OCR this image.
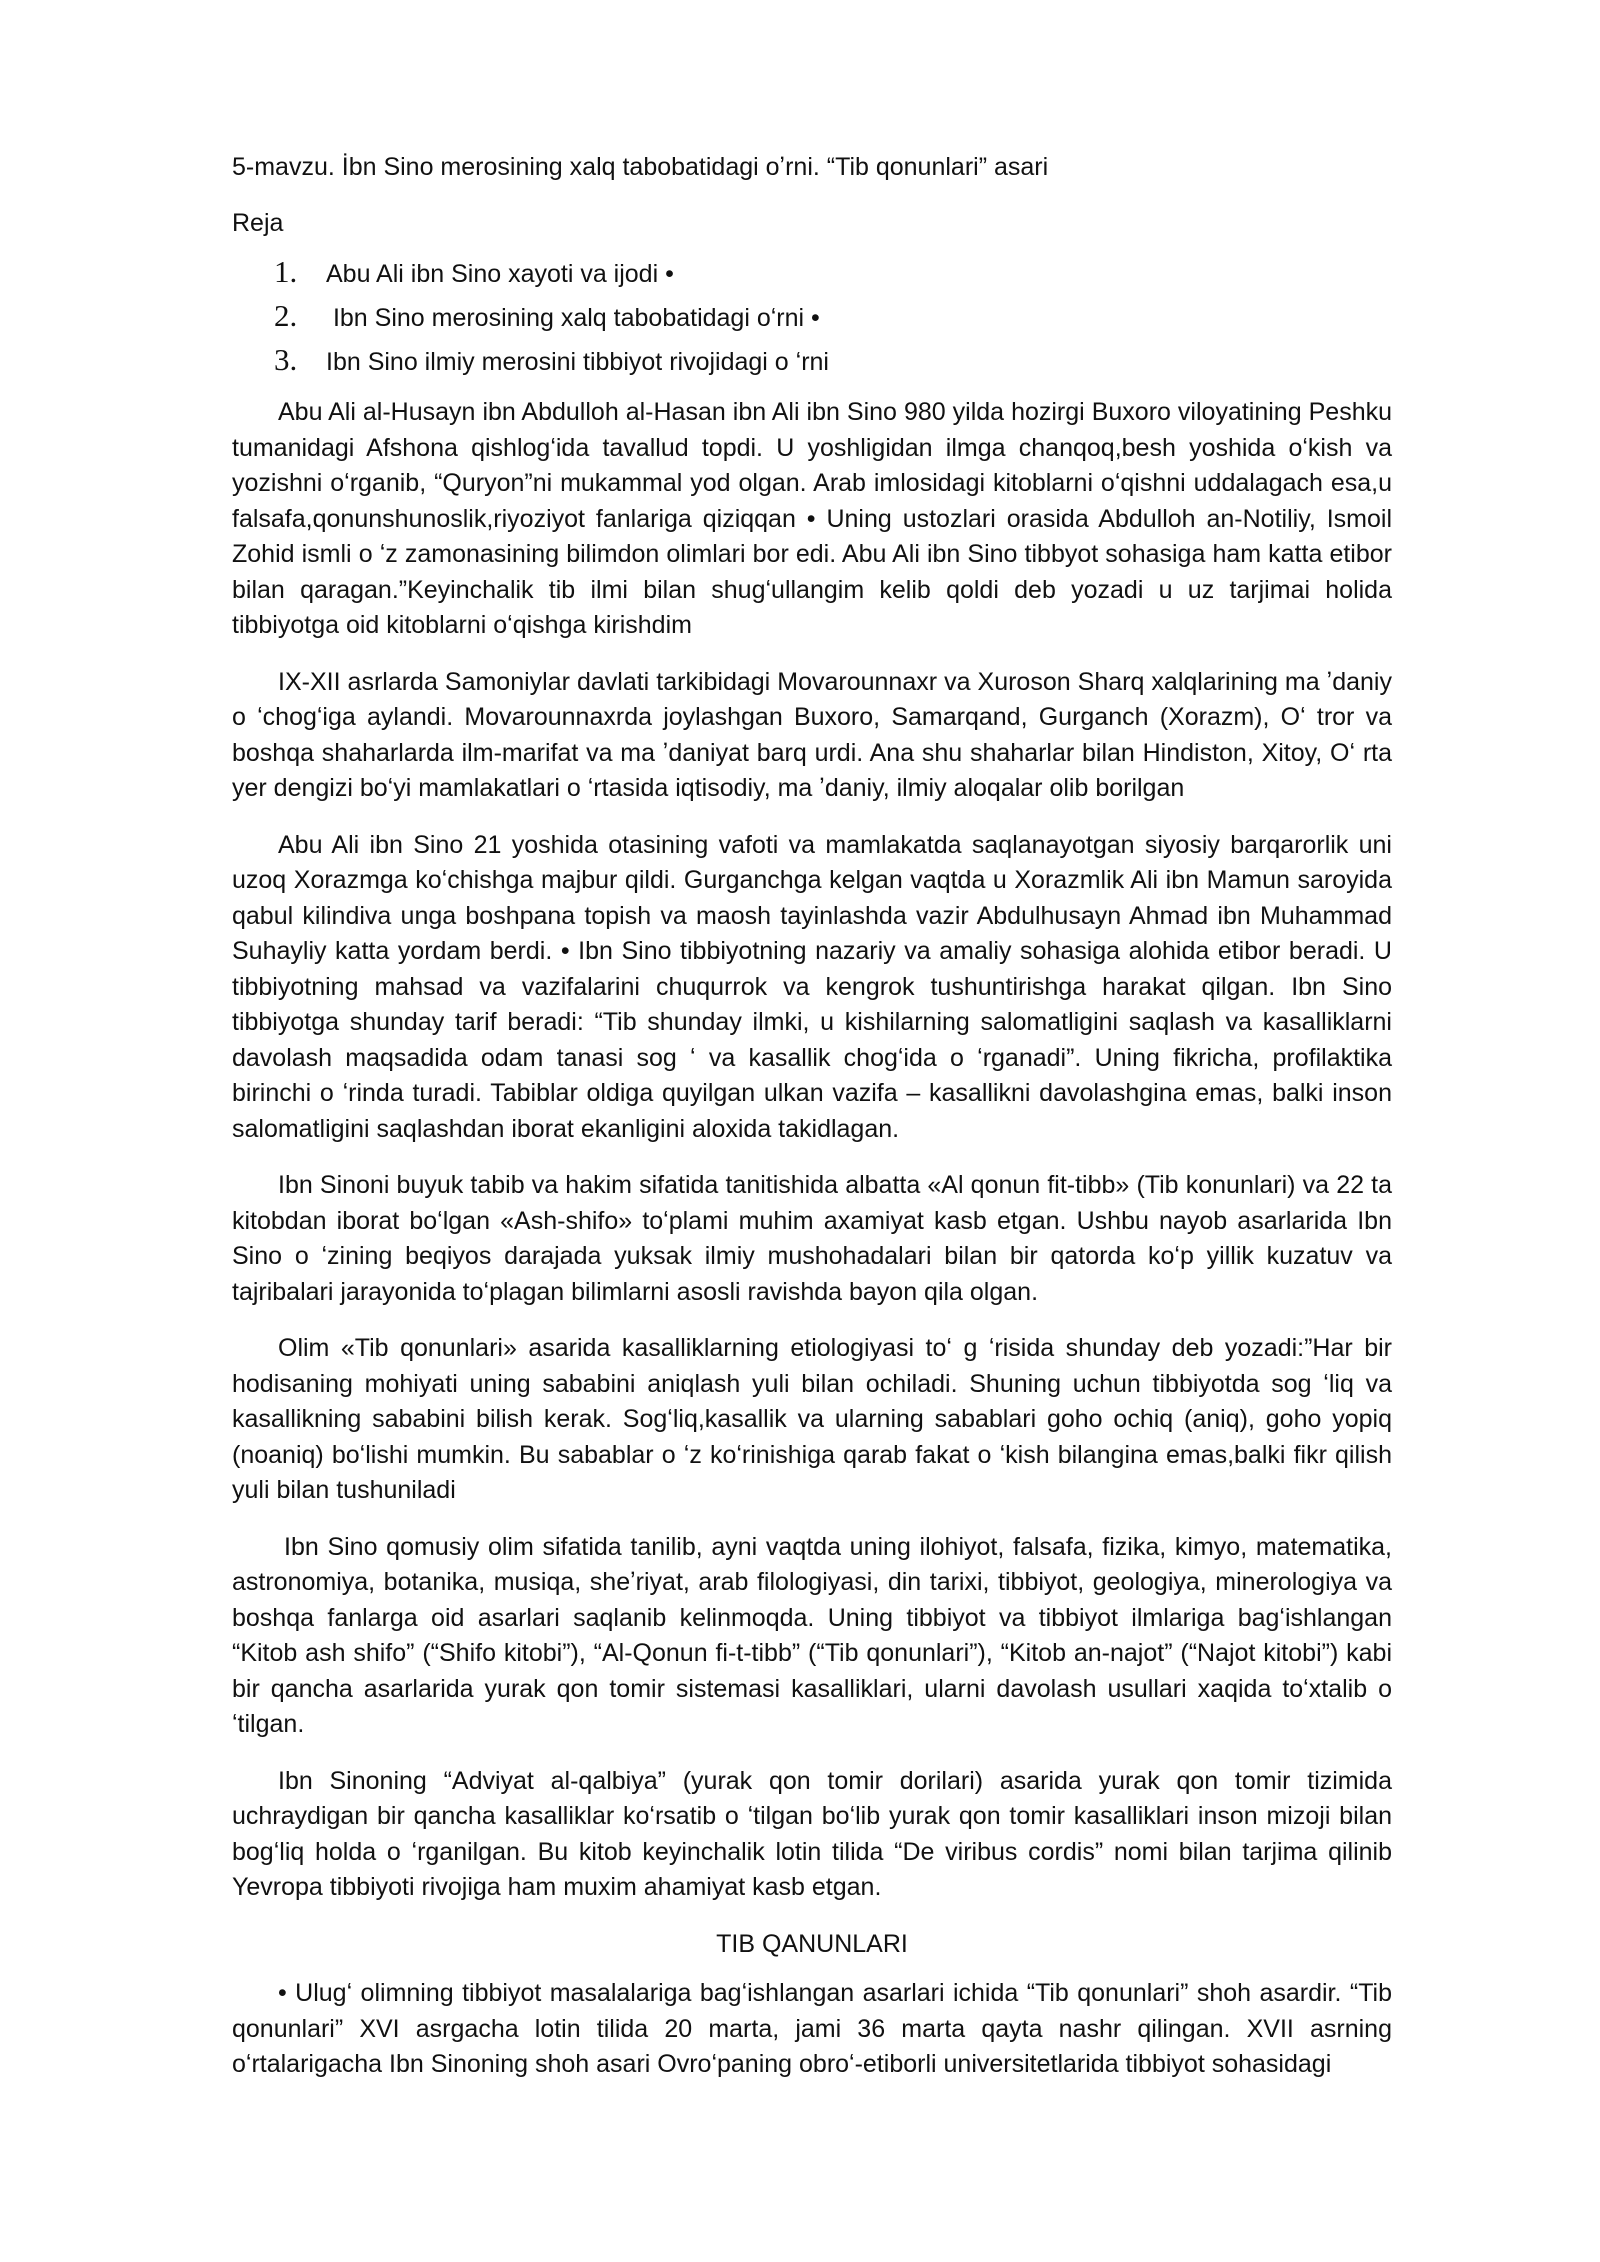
5-mavzu. İbn Sino merosining xalq tabobatidagi oʼrni. “Tib qonunlari” asari

Reja

1.	Abu Ali ibn Sino xayoti va ijodi •
2.	Ibn Sino merosining xalq tabobatidagi oʻrni •
3.	Ibn Sino ilmiy merosini tibbiyot rivojidagi o ʻrni

Abu Ali al-Husayn ibn Abdulloh al-Hasan ibn Ali ibn Sino 980 yilda hozirgi Buxoro viloyatining Peshku tumanidagi Afshona qishlogʻida tavallud topdi. U yoshligidan ilmga chanqoq,besh yoshida oʻkish va yozishni oʻrganib, “Quryon”ni mukammal yod olgan. Arab imlosidagi kitoblarni oʻqishni uddalagach esa,u falsafa,qonunshunoslik,riyoziyot fanlariga qiziqqan • Uning ustozlari orasida Abdulloh an-Notiliy, Ismoil Zohid ismli o ʻz zamonasining bilimdon olimlari bor edi. Abu Ali ibn Sino tibbyot sohasiga ham katta etibor bilan qaragan.”Keyinchalik tib ilmi bilan shugʻullangim kelib qoldi deb yozadi u uz tarjimai holida tibbiyotga oid kitoblarni oʻqishga kirishdim

IX-XII asrlarda Samoniylar davlati tarkibidagi Movarounnaxr va Xuroson Sharq xalqlarining ma ʼdaniy o ʻchogʻiga aylandi. Movarounnaxrda joylashgan Buxoro, Samarqand, Gurganch (Xorazm), Oʻ tror va boshqa shaharlarda ilm-marifat va ma ʼdaniyat barq urdi. Ana shu shaharlar bilan Hindiston, Xitoy, Oʻ rta yer dengizi boʻyi mamlakatlari o ʻrtasida iqtisodiy, ma ʼdaniy, ilmiy aloqalar olib borilgan

Abu Ali ibn Sino 21 yoshida otasining vafoti va mamlakatda saqlanayotgan siyosiy barqarorlik uni uzoq Xorazmga koʻchishga majbur qildi. Gurganchga kelgan vaqtda u Xorazmlik Ali ibn Mamun saroyida qabul kilindiva unga boshpana topish va maosh tayinlashda vazir Abdulhusayn Ahmad ibn Muhammad Suhayliy katta yordam berdi. • Ibn Sino tibbiyotning nazariy va amaliy sohasiga alohida etibor beradi. U tibbiyotning mahsad va vazifalarini chuqurrok va kengrok tushuntirishga harakat qilgan. Ibn Sino tibbiyotga shunday tarif beradi: “Tib shunday ilmki, u kishilarning salomatligini saqlash va kasalliklarni davolash maqsadida odam tanasi sog ʻ va kasallik chogʻida o ʻrganadi”. Uning fikricha, profilaktika birinchi o ʻrinda turadi. Tabiblar oldiga quyilgan ulkan vazifa – kasallikni davolashgina emas, balki inson salomatligini saqlashdan iborat ekanligini aloxida takidlagan.

Ibn Sinoni buyuk tabib va hakim sifatida tanitishida albatta «Al qonun fit-tibb» (Tib konunlari) va 22 ta kitobdan iborat boʻlgan «Ash-shifo» toʻplami muhim axamiyat kasb etgan. Ushbu nayob asarlarida Ibn Sino o ʻzining beqiyos darajada yuksak ilmiy mushohadalari bilan bir qatorda koʻp yillik kuzatuv va tajribalari jarayonida toʻplagan bilimlarni asosli ravishda bayon qila olgan.

Olim «Tib qonunlari» asarida kasalliklarning etiologiyasi toʻ g ʻrisida shunday deb yozadi:”Har bir hodisaning mohiyati uning sababini aniqlash yuli bilan ochiladi. Shuning uchun tibbiyotda sog ʻliq va kasallikning sababini bilish kerak. Sogʻliq,kasallik va ularning sabablari goho ochiq (aniq), goho yopiq (noaniq) boʻlishi mumkin. Bu sabablar o ʻz koʻrinishiga qarab fakat o ʻkish bilangina emas,balki fikr qilish yuli bilan tushuniladi

Ibn Sino qomusiy olim sifatida tanilib, ayni vaqtda uning ilohiyot, falsafa, fizika, kimyo, matematika, astronomiya, botanika, musiqa, sheʼriyat, arab filologiyasi, din tarixi, tibbiyot, geologiya, minerologiya va boshqa fanlarga oid asarlari saqlanib kelinmoqda. Uning tibbiyot va tibbiyot ilmlariga bagʻishlangan “Kitob ash shifo” (“Shifo kitobi”), “Al-Qonun fi-t-tibb” (“Tib qonunlari”), “Kitob an-najot” (“Najot kitobi”) kabi bir qancha asarlarida yurak qon tomir sistemasi kasalliklari, ularni davolash usullari xaqida toʻxtalib o ʻtilgan.

Ibn Sinoning “Adviyat al-qalbiya” (yurak qon tomir dorilari) asarida yurak qon tomir tizimida uchraydigan bir qancha kasalliklar koʻrsatib o ʻtilgan boʻlib yurak qon tomir kasalliklari inson mizoji bilan bogʻliq holda o ʻrganilgan. Bu kitob keyinchalik lotin tilida “De viribus cordis” nomi bilan tarjima qilinib Yevropa tibbiyoti rivojiga ham muxim ahamiyat kasb etgan.

TIB QANUNLARI

• Ulugʻ olimning tibbiyot masalalariga bagʻishlangan asarlari ichida “Tib qonunlari” shoh asardir. “Tib qonunlari” XVI asrgacha lotin tilida 20 marta, jami 36 marta qayta nashr qilingan. XVII asrning oʻrtalarigacha Ibn Sinoning shoh asari Ovroʻpaning obroʻ-etiborli universitetlarida tibbiyot sohasidagi
